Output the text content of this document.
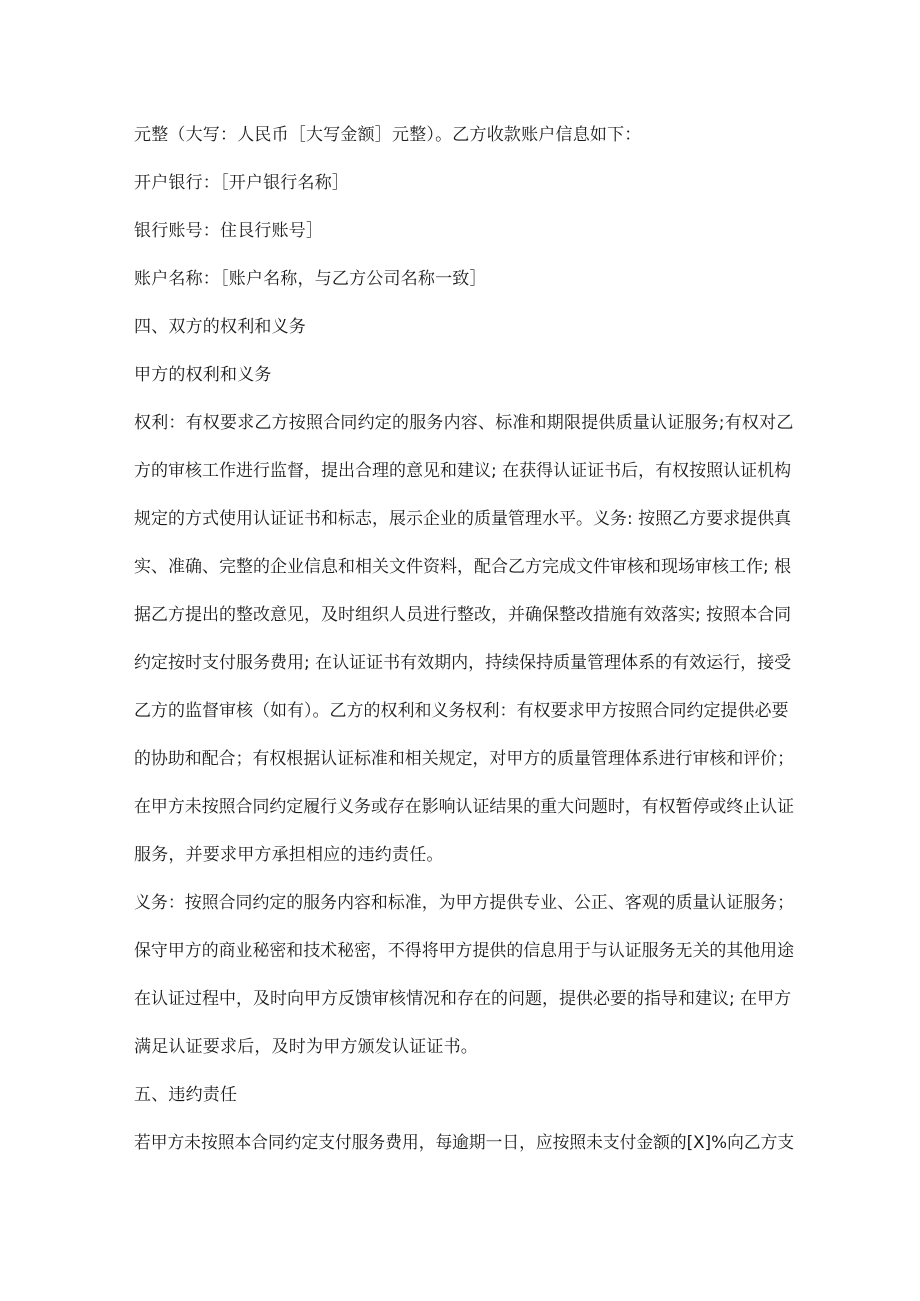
元整（大写：人民币［大写金额］元整）。乙方收款账户信息如下：
开户银行：［开户银行名称］
银行账号：住艮行账号］
账户名称：［账户名称，与乙方公司名称一致］
四、双方的权利和义务
甲方的权利和义务
权利：有权要求乙方按照合同约定的服务内容、标准和期限提供质量认证服务;有权对乙
方的审核工作进行监督，提出合理的意见和建议; 在获得认证证书后，有权按照认证机构
规定的方式使用认证证书和标志，展示企业的质量管理水平。义务: 按照乙方要求提供真
实、准确、完整的企业信息和相关文件资料，配合乙方完成文件审核和现场审核工作; 根
据乙方提出的整改意见，及时组织人员进行整改，并确保整改措施有效落实; 按照本合同
约定按时支付服务费用; 在认证证书有效期内，持续保持质量管理体系的有效运行，接受
乙方的监督审核（如有）。乙方的权利和义务权利：有权要求甲方按照合同约定提供必要
的协助和配合；有权根据认证标准和相关规定，对甲方的质量管理体系进行审核和评价；
在甲方未按照合同约定履行义务或存在影响认证结果的重大问题时，有权暂停或终止认证
服务，并要求甲方承担相应的违约责任。
义务：按照合同约定的服务内容和标准，为甲方提供专业、公正、客观的质量认证服务；
保守甲方的商业秘密和技术秘密，不得将甲方提供的信息用于与认证服务无关的其他用途
在认证过程中，及时向甲方反馈审核情况和存在的问题，提供必要的指导和建议; 在甲方
满足认证要求后，及时为甲方颁发认证证书。
五、违约责任
若甲方未按照本合同约定支付服务费用，每逾期一日，应按照未支付金额的[X]%向乙方支
